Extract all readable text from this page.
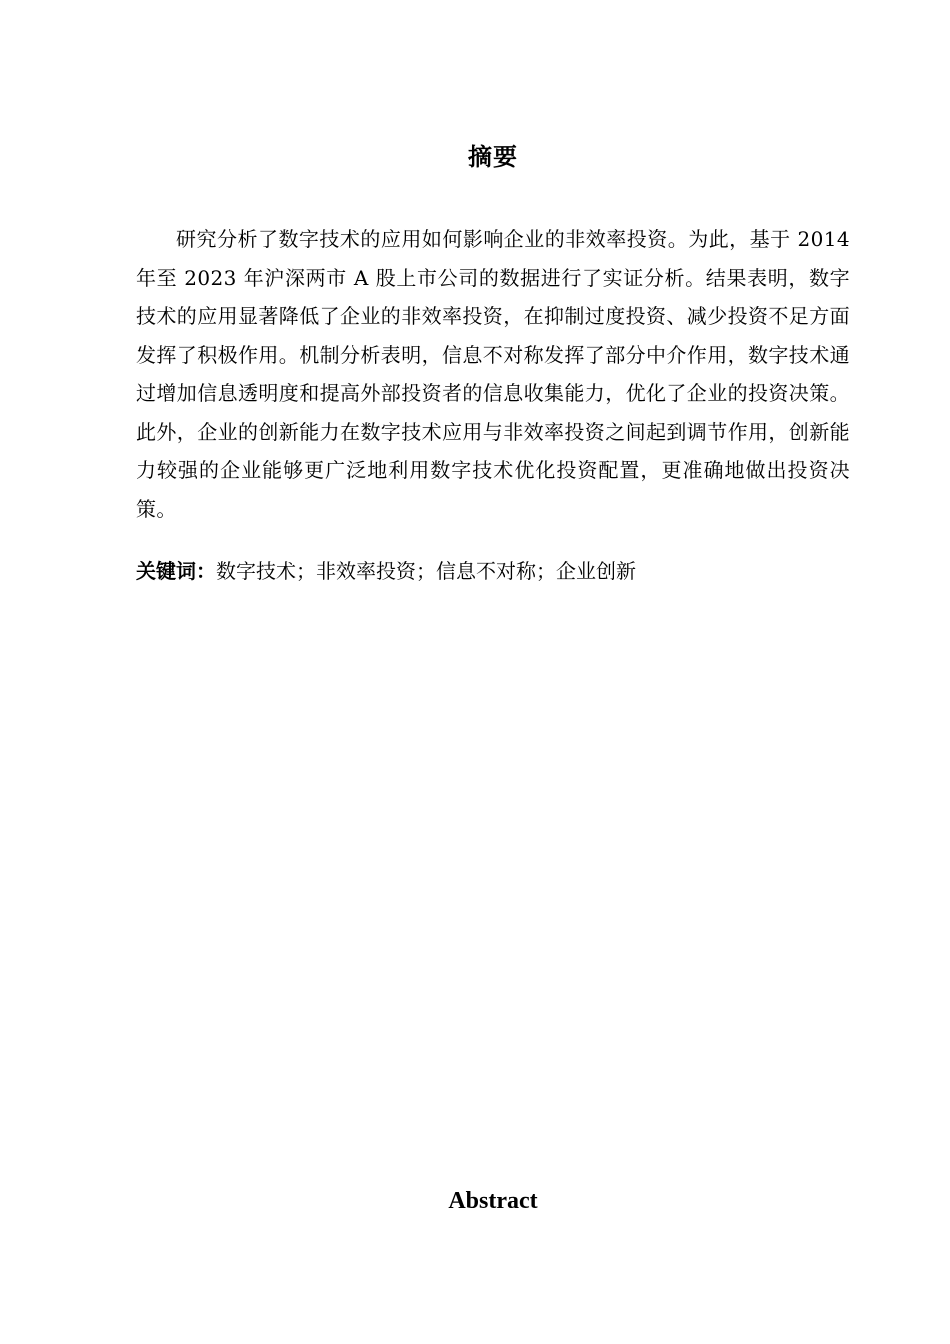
摘要

研究分析了数字技术的应用如何影响企业的非效率投资。为此，基于 2014 年至 2023 年沪深两市 A 股上市公司的数据进行了实证分析。结果表明，数字技术的应用显著降低了企业的非效率投资，在抑制过度投资、减少投资不足方面发挥了积极作用。机制分析表明，信息不对称发挥了部分中介作用，数字技术通过增加信息透明度和提高外部投资者的信息收集能力，优化了企业的投资决策。此外，企业的创新能力在数字技术应用与非效率投资之间起到调节作用，创新能力较强的企业能够更广泛地利用数字技术优化投资配置，更准确地做出投资决策。

关键词：数字技术；非效率投资；信息不对称；企业创新

Abstract
